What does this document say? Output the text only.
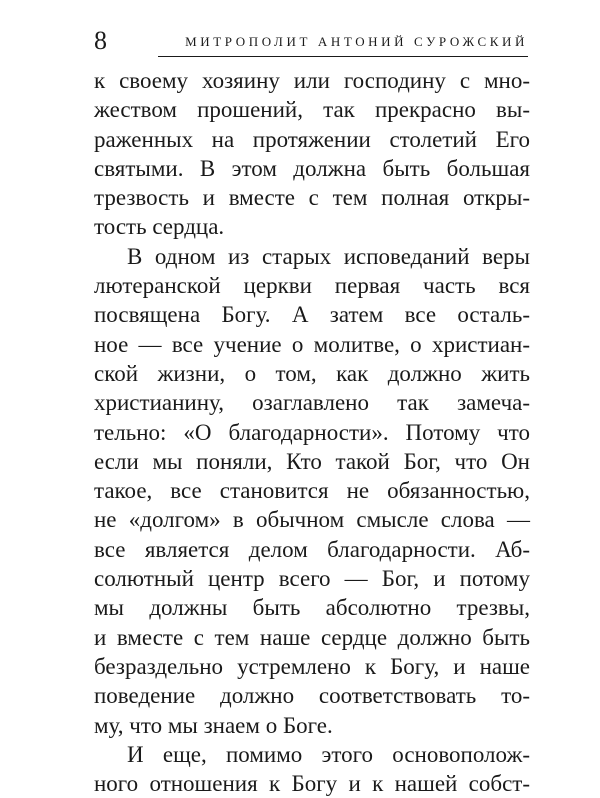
8	МИТРОПОЛИТ АНТОНИЙ СУРОЖСКИЙ
к своему хозяину или господину с мно-
жеством прошений, так прекрасно вы-
раженных на протяжении столетий Его
святыми. В этом должна быть большая
трезвость и вместе с тем полная откры-
тость сердца.
В одном из старых исповеданий веры
лютеранской церкви первая часть вся
посвящена Богу. А затем все осталь-
ное — все учение о молитве, о христиан-
ской жизни, о том, как должно жить
христианину, озаглавлено так замеча-
тельно: «О благодарности». Потому что
если мы поняли, Кто такой Бог, что Он
такое, все становится не обязанностью,
не «долгом» в обычном смысле слова —
все является делом благодарности. Аб-
солютный центр всего — Бог, и потому
мы должны быть абсолютно трезвы,
и вместе с тем наше сердце должно быть
безраздельно устремлено к Богу, и наше
поведение должно соответствовать то-
му, что мы знаем о Боге.
И еще, помимо этого основополож-
ного отношения к Богу и к нашей собст-
